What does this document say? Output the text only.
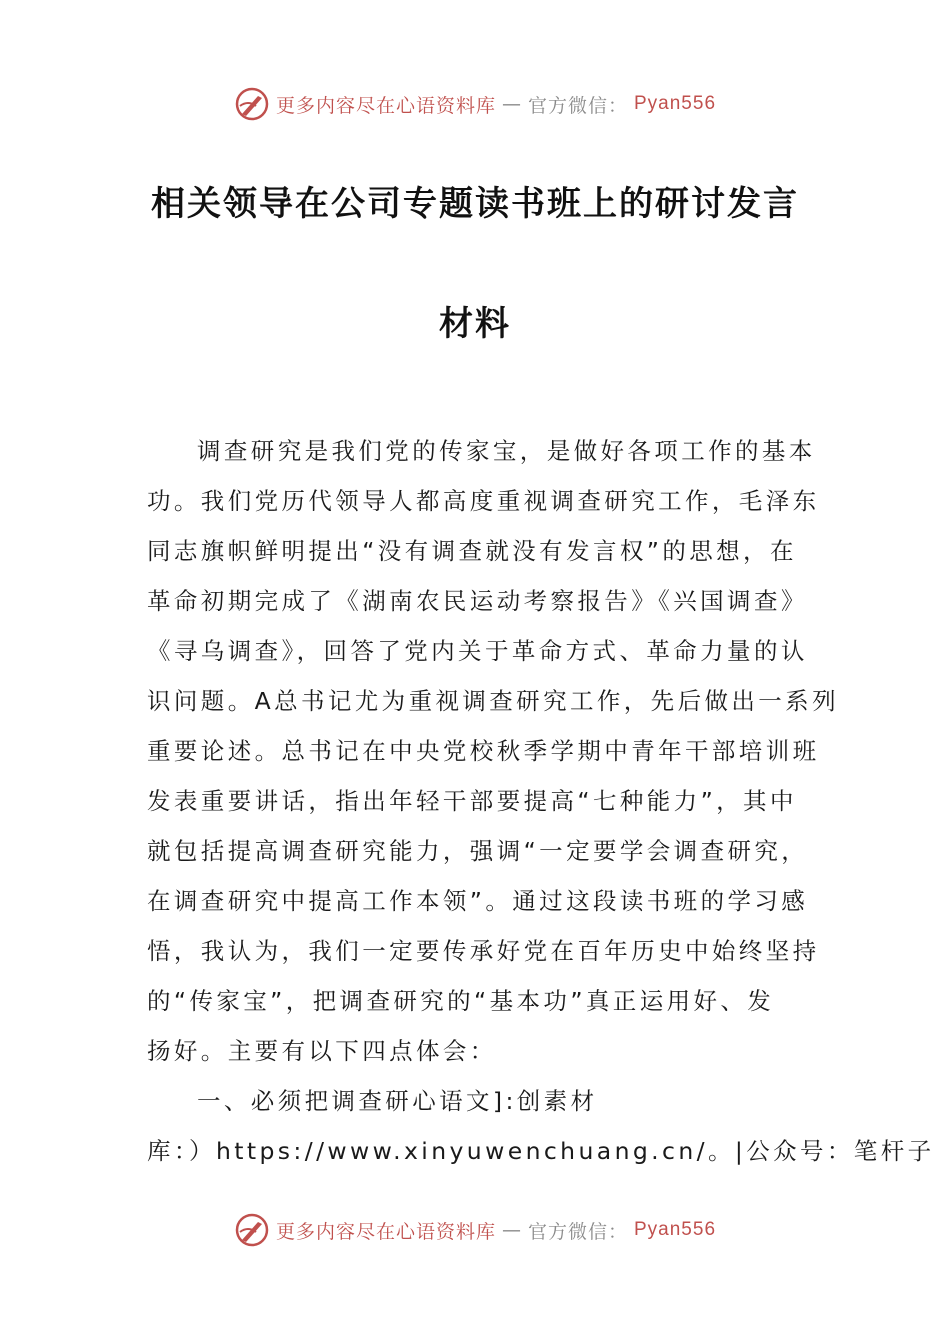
更多内容尽在心语资料库 — 官方微信： Pyan556
相关领导在公司专题读书班上的研讨发言
材料
调查研究是我们党的传家宝，是做好各项工作的基本
功。我们党历代领导人都高度重视调查研究工作，毛泽东
同志旗帜鲜明提出“没有调查就没有发言权”的思想，在
革命初期完成了《湖南农民运动考察报告》《兴国调查》
《寻乌调查》，回答了党内关于革命方式、革命力量的认
识问题。A总书记尤为重视调查研究工作，先后做出一系列
重要论述。总书记在中央党校秋季学期中青年干部培训班
发表重要讲话，指出年轻干部要提高“七种能力”，其中
就包括提高调查研究能力，强调“一定要学会调查研究，
在调查研究中提高工作本领”。通过这段读书班的学习感
悟，我认为，我们一定要传承好党在百年历史中始终坚持
的“传家宝”，把调查研究的“基本功”真正运用好、发
扬好。主要有以下四点体会：
一、必须把调查研心语文]:创素材
库：）https://www.xinyuwenchuang.cn/。|公众号：笔杆子
更多内容尽在心语资料库 — 官方微信： Pyan556
